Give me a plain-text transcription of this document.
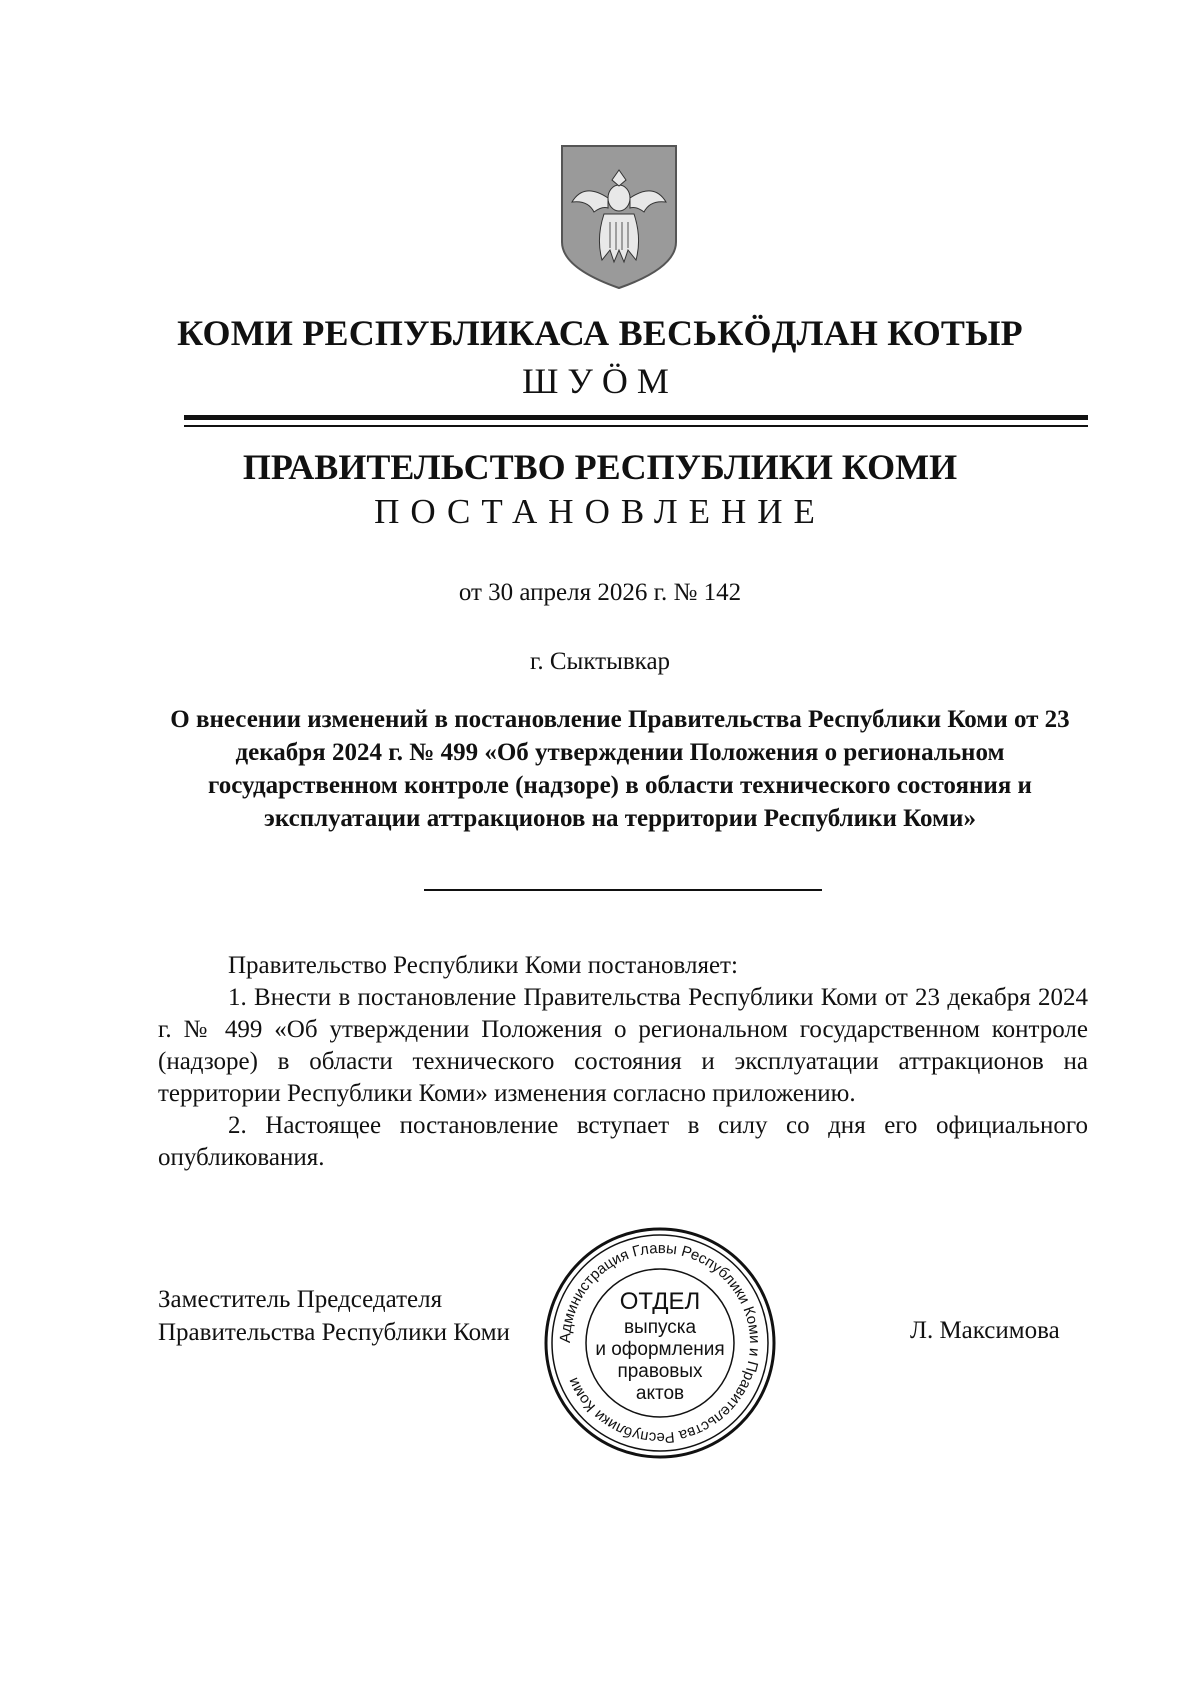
КОМИ РЕСПУБЛИКАСА ВЕСЬКӦДЛАН КОТЫР
ШУӦМ
ПРАВИТЕЛЬСТВО РЕСПУБЛИКИ КОМИ
ПОСТАНОВЛЕНИЕ
от 30 апреля 2026 г. № 142
г. Сыктывкар
О внесении изменений в постановление Правительства Республики Коми от 23 декабря 2024 г. № 499 «Об утверждении Положения о региональном государственном контроле (надзоре) в области технического состояния и эксплуатации аттракционов на территории Республики Коми»

Правительство Республики Коми постановляет:

1. Внести в постановление Правительства Республики Коми от 23 декабря 2024 г. № 499 «Об утверждении Положения о региональном государственном контроле (надзоре) в области технического состояния и эксплуатации аттракционов на территории Республики Коми» изменения согласно приложению.

2. Настоящее постановление вступает в силу со дня его официального опубликования.

Заместитель Председателя
Правительства Республики Коми	Л. Максимова
Администрация Главы Республики Коми и Правительства Республики Коми
ОТДЕЛ
выпуска
и оформления
правовых
актов
